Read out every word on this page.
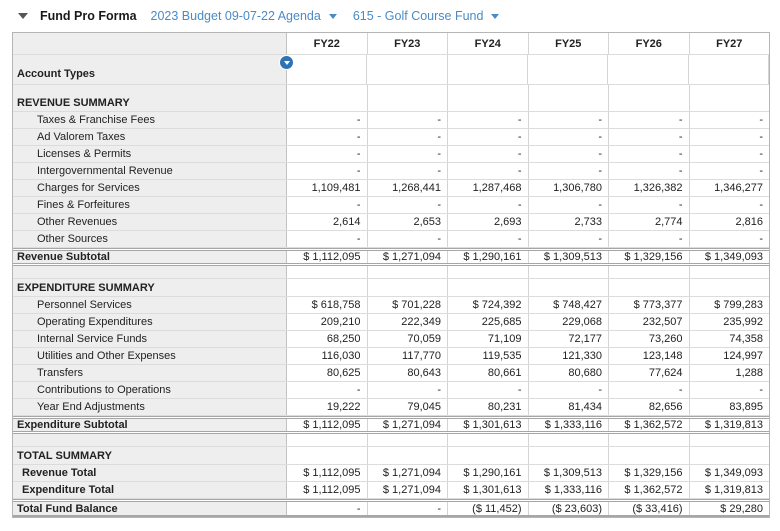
Fund Pro Forma 2023 Budget 09-07-22 Agenda	615 - Golf Course Fund
FY22	FY23	FY24	FY25	FY26	FY27
Account Types
REVENUE SUMMARY
Taxes & Franchise Fees	-	-	-	-	-	-
Ad Valorem Taxes	-	-	-	-	-	-
Licenses & Permits	-	-	-	-	-	-
Intergovernmental Revenue	-	-	-	-	-	-
Charges for Services	1,109,481	1,268,441	1,287,468	1,306,780	1,326,382	1,346,277
Fines & Forfeitures	-	-	-	-	-	-
Other Revenues	2,614	2,653	2,693	2,733	2,774	2,816
Other Sources	-	-	-	-	-	-
Revenue Subtotal	$ 1,112,095	$ 1,271,094	$ 1,290,161	$ 1,309,513	$ 1,329,156	$ 1,349,093
EXPENDITURE SUMMARY
Personnel Services	$ 618,758	$ 701,228	$ 724,392	$ 748,427	$ 773,377	$ 799,283
Operating Expenditures	209,210	222,349	225,685	229,068	232,507	235,992
Internal Service Funds	68,250	70,059	71,109	72,177	73,260	74,358
Utilities and Other Expenses	116,030	117,770	119,535	121,330	123,148	124,997
Transfers	80,625	80,643	80,661	80,680	77,624	1,288
Contributions to Operations	-	-	-	-	-	-
Year End Adjustments	19,222	79,045	80,231	81,434	82,656	83,895
Expenditure Subtotal	$ 1,112,095	$ 1,271,094	$ 1,301,613	$ 1,333,116	$ 1,362,572	$ 1,319,813
TOTAL SUMMARY
Revenue Total	$ 1,112,095	$ 1,271,094	$ 1,290,161	$ 1,309,513	$ 1,329,156	$ 1,349,093
Expenditure Total	$ 1,112,095	$ 1,271,094	$ 1,301,613	$ 1,333,116	$ 1,362,572	$ 1,319,813
Total Fund Balance	-	-	($ 11,452)	($ 23,603)	($ 33,416)	$ 29,280
